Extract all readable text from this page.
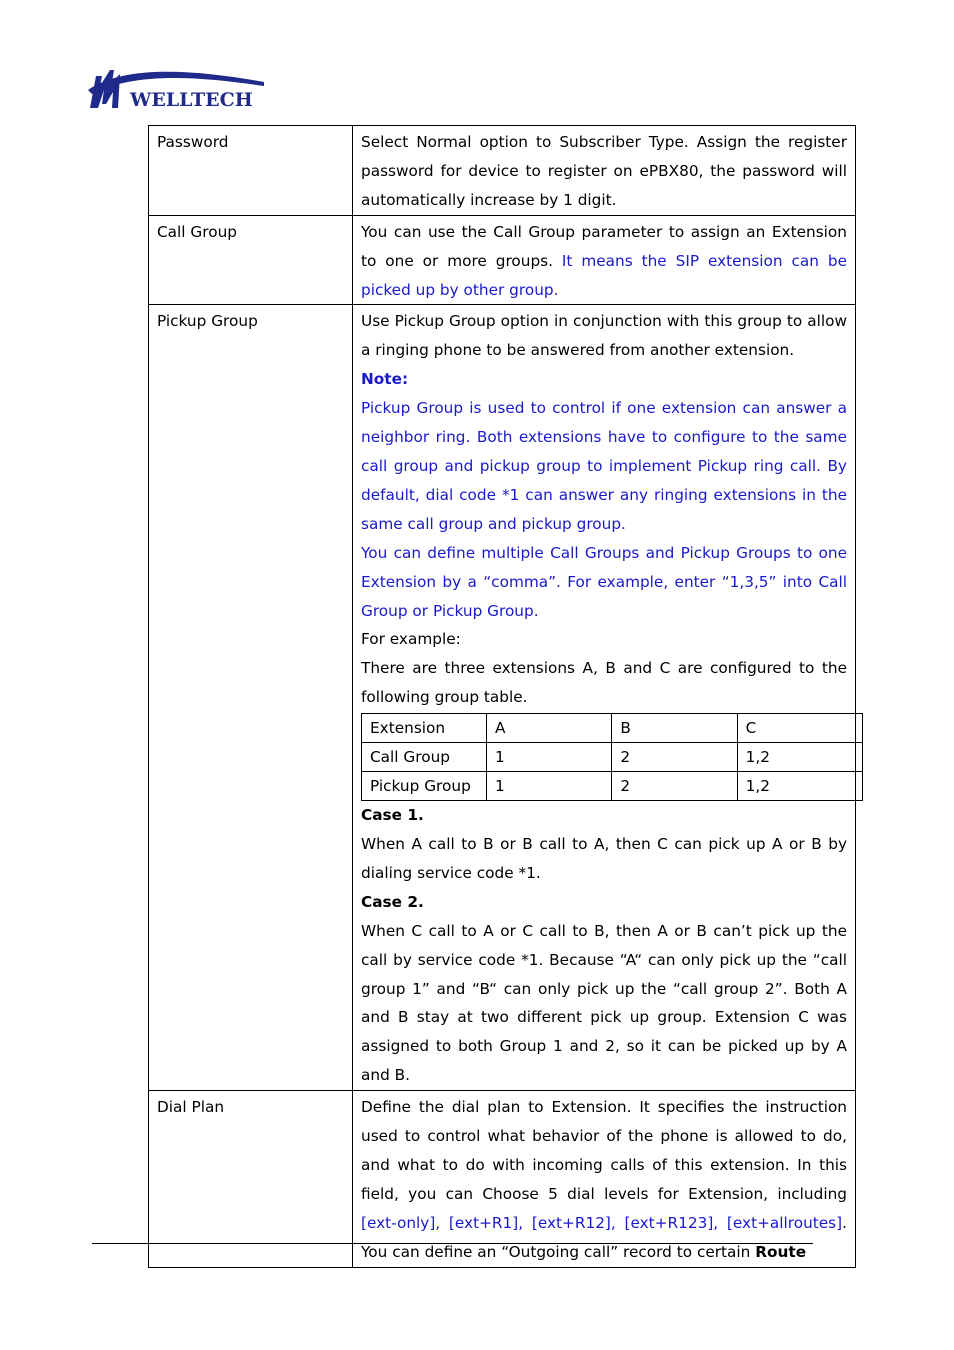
WELLTECH
Password	Select Normal option to Subscriber Type. Assign the register password for device to register on ePBX80, the password will automatically increase by 1 digit.

Call Group	You can use the Call Group parameter to assign an Extension to one or more groups. It means the SIP extension can be picked up by other group.

Pickup Group	Use Pickup Group option in conjunction with this group to allow a ringing phone to be answered from another extension.

Note:

Pickup Group is used to control if one extension can answer a neighbor ring. Both extensions have to configure to the same call group and pickup group to implement Pickup ring call. By default, dial code *1 can answer any ringing extensions in the same call group and pickup group.

You can define multiple Call Groups and Pickup Groups to one Extension by a “comma”. For example, enter “1,3,5” into Call Group or Pickup Group.

For example:

There are three extensions A, B and C are configured to the following group table.

Extension	A	B	C
Call Group	1	2	1,2
Pickup Group	1	2	1,2

Case 1.

When A call to B or B call to A, then C can pick up A or B by dialing service code *1.

Case 2.

When C call to A or C call to B, then A or B can’t pick up the call by service code *1. Because “A“ can only pick up the “call group 1” and “B“ can only pick up the “call group 2”. Both A and B stay at two different pick up group. Extension C was assigned to both Group 1 and 2, so it can be picked up by A and B.

Dial Plan	Define the dial plan to Extension. It specifies the instruction used to control what behavior of the phone is allowed to do, and what to do with incoming calls of this extension. In this field, you can Choose 5 dial levels for Extension, including [ext-only], [ext+R1], [ext+R12], [ext+R123], [ext+allroutes]. You can define an “Outgoing call” record to certain Route
